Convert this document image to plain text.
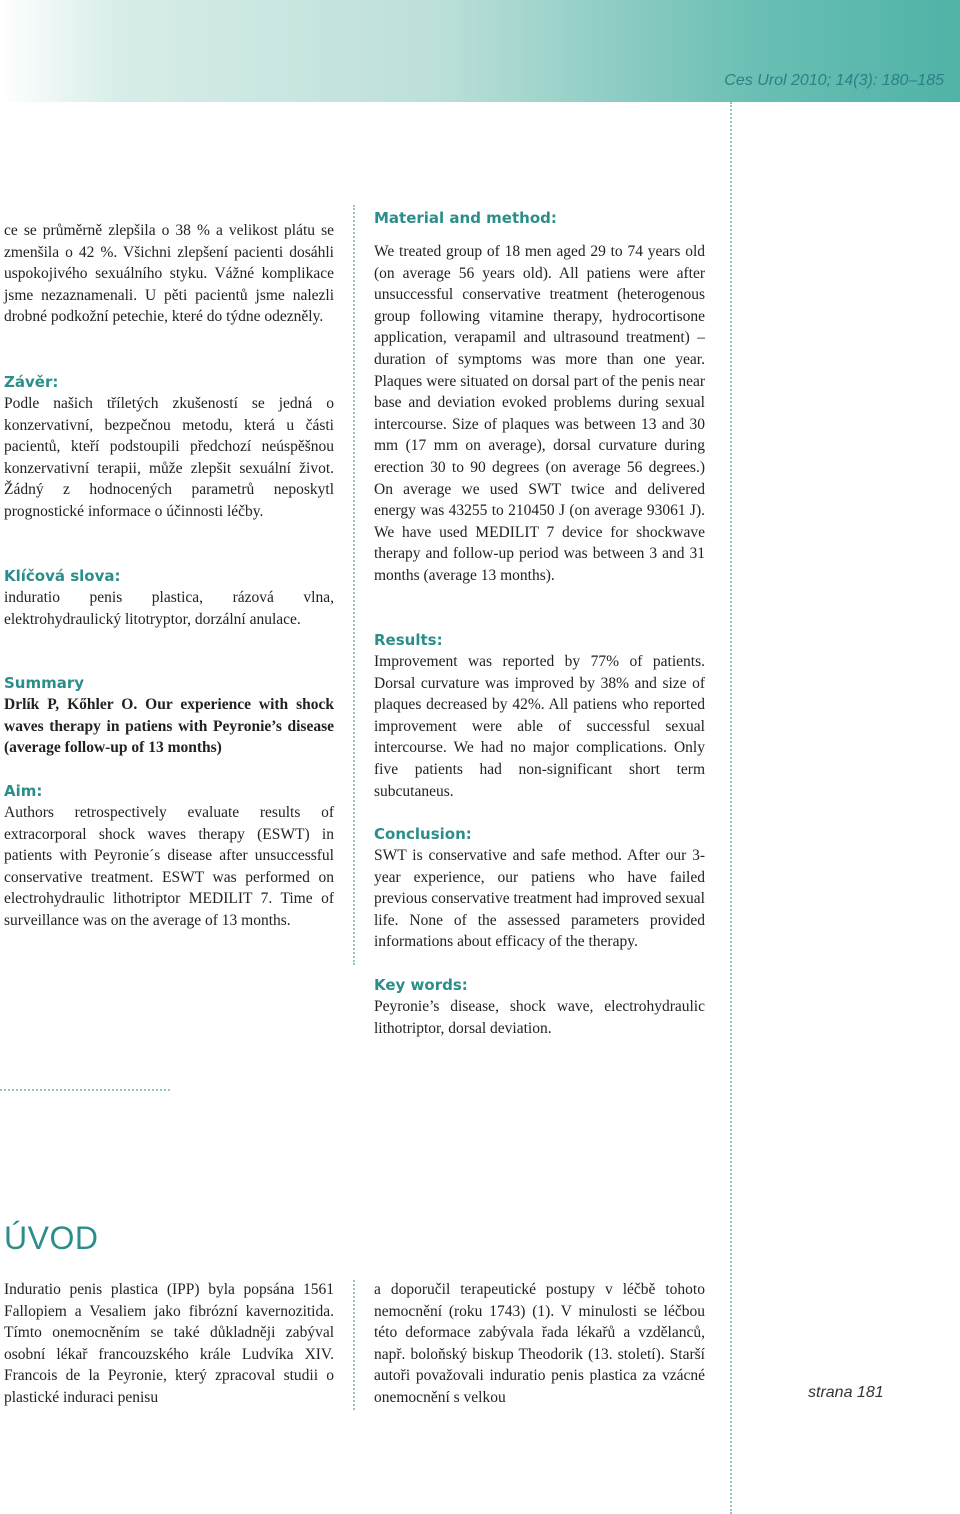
Ces Urol 2010; 14(3): 180–185

ce se průměrně zlepšila o 38 % a velikost plátu se zmenšila o 42 %. Všichni zlepšení pacienti dosáhli uspokojivého sexuálního styku. Vážné komplikace jsme nezaznamenali. U pěti pacientů jsme nalezli drobné podkožní petechie, které do týdne odezněly.

Závěr:

Podle našich tříletých zkušeností se jedná o konzervativní, bezpečnou metodu, která u části pacientů, kteří podstoupili předchozí neúspěšnou konzervativní terapii, může zlepšit sexuální život. Žádný z hodnocených parametrů neposkytl prognostické informace o účinnosti léčby.

Klíčová slova:

induratio penis plastica, rázová vlna, elektrohydraulický litotryptor, dorzální anulace.

Summary

Drlík P, Kőhler O. Our experience with shock waves therapy in patiens with Peyronie’s disease (average follow-up of 13 months)

Aim:

Authors retrospectively evaluate results of extracorporal shock waves therapy (ESWT) in patients with Peyronie´s disease after unsuccessful conservative treatment. ESWT was performed on electrohydraulic lithotriptor MEDILIT 7. Time of surveillance was on the average of 13 months.

Material and method:

We treated group of 18 men aged 29 to 74 years old (on average 56 years old). All patiens were after unsuccessful conservative treatment (heterogenous group following vitamine therapy, hydrocortisone application, verapamil and ultrasound treatment) – duration of symptoms was more than one year. Plaques were situated on dorsal part of the penis near base and deviation evoked problems during sexual intercourse. Size of plaques was between 13 and 30 mm (17 mm on average), dorsal curvature during erection 30 to 90 degrees (on average 56 degrees.) On average we used SWT twice and delivered energy was 43255 to 210450 J (on average 93061 J). We have used MEDILIT 7 device for shockwave therapy and follow-up period was between 3 and 31 months (average 13 months).

Results:

Improvement was reported by 77% of patients. Dorsal curvature was improved by 38% and size of plaques decreased by 42%. All patiens who reported improvement were able of successful sexual intercourse. We had no major complications. Only five patients had non-significant short term subcutaneus.

Conclusion:

SWT is conservative and safe method. After our 3-year experience, our patiens who have failed previous conservative treatment had improved sexual life. None of the assessed parameters provided informations about efficacy of the therapy.

Key words:

Peyronie’s disease, shock wave, electrohydraulic lithotriptor, dorsal deviation.

ÚVOD

Induratio penis plastica (IPP) byla popsána 1561 Fallopiem a Vesaliem jako fibrózní kavernozitida. Tímto onemocněním se také důkladněji zabýval osobní lékař francouzského krále Ludvíka XIV. Francois de la Peyronie, který zpracoval studii o plastické induraci penisu

a doporučil terapeutické postupy v léčbě tohoto nemocnění (roku 1743) (1). V minulosti se léčbou této deformace zabývala řada lékařů a vzdělanců, např. boloňský biskup Theodorik (13. století). Starší autoři považovali induratio penis plastica za vzácné onemocnění s velkou	strana 181
